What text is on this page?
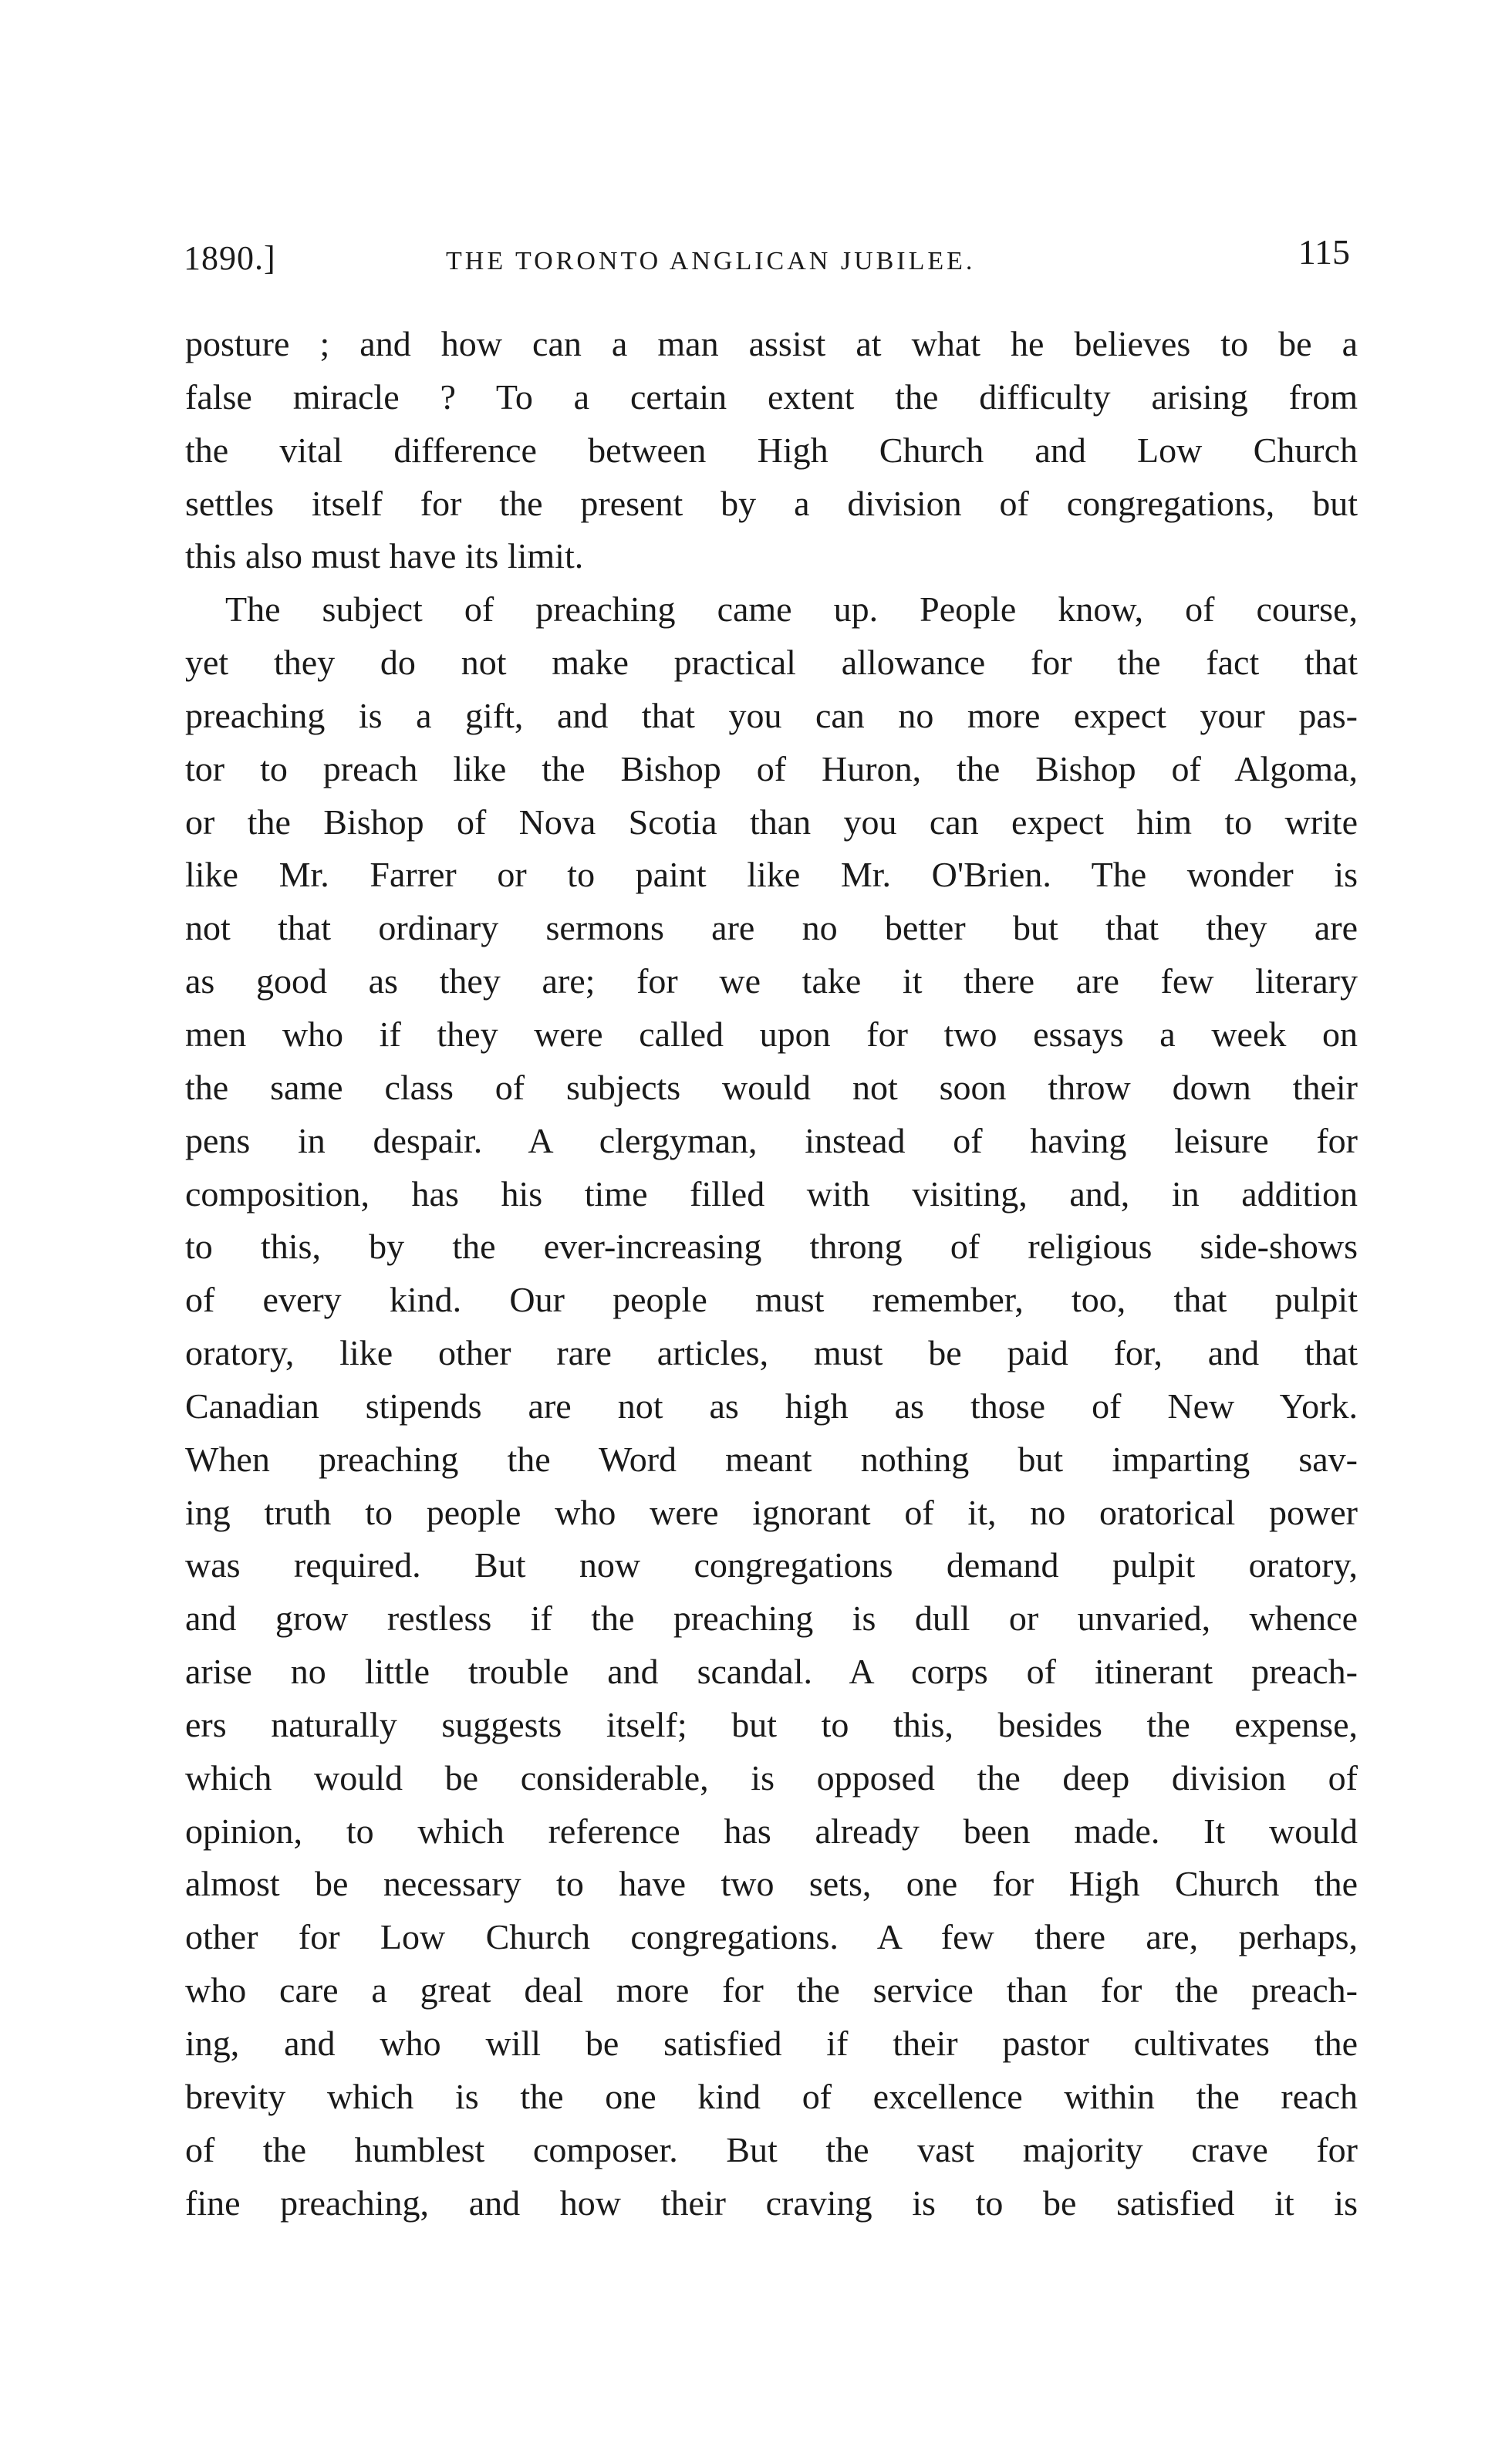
1890.]	THE TORONTO ANGLICAN JUBILEE.	115
posture ; and how can a man assist at what he believes to be a
false miracle ? To a certain extent the difficulty arising from
the vital difference between High Church and Low Church
settles itself for the present by a division of congregations, but
this also must have its limit.
The subject of preaching came up. People know, of course,
yet they do not make practical allowance for the fact that
preaching is a gift, and that you can no more expect your pas-
tor to preach like the Bishop of Huron, the Bishop of Algoma,
or the Bishop of Nova Scotia than you can expect him to write
like Mr. Farrer or to paint like Mr. O'Brien. The wonder is
not that ordinary sermons are no better but that they are
as good as they are; for we take it there are few literary
men who if they were called upon for two essays a week on
the same class of subjects would not soon throw down their
pens in despair. A clergyman, instead of having leisure for
composition, has his time filled with visiting, and, in addition
to this, by the ever-increasing throng of religious side-shows
of every kind. Our people must remember, too, that pulpit
oratory, like other rare articles, must be paid for, and that
Canadian stipends are not as high as those of New York.
When preaching the Word meant nothing but imparting sav-
ing truth to people who were ignorant of it, no oratorical power
was required. But now congregations demand pulpit oratory,
and grow restless if the preaching is dull or unvaried, whence
arise no little trouble and scandal. A corps of itinerant preach-
ers naturally suggests itself; but to this, besides the expense,
which would be considerable, is opposed the deep division of
opinion, to which reference has already been made. It would
almost be necessary to have two sets, one for High Church the
other for Low Church congregations. A few there are, perhaps,
who care a great deal more for the service than for the preach-
ing, and who will be satisfied if their pastor cultivates the
brevity which is the one kind of excellence within the reach
of the humblest composer. But the vast majority crave for
fine preaching, and how their craving is to be satisfied it is
